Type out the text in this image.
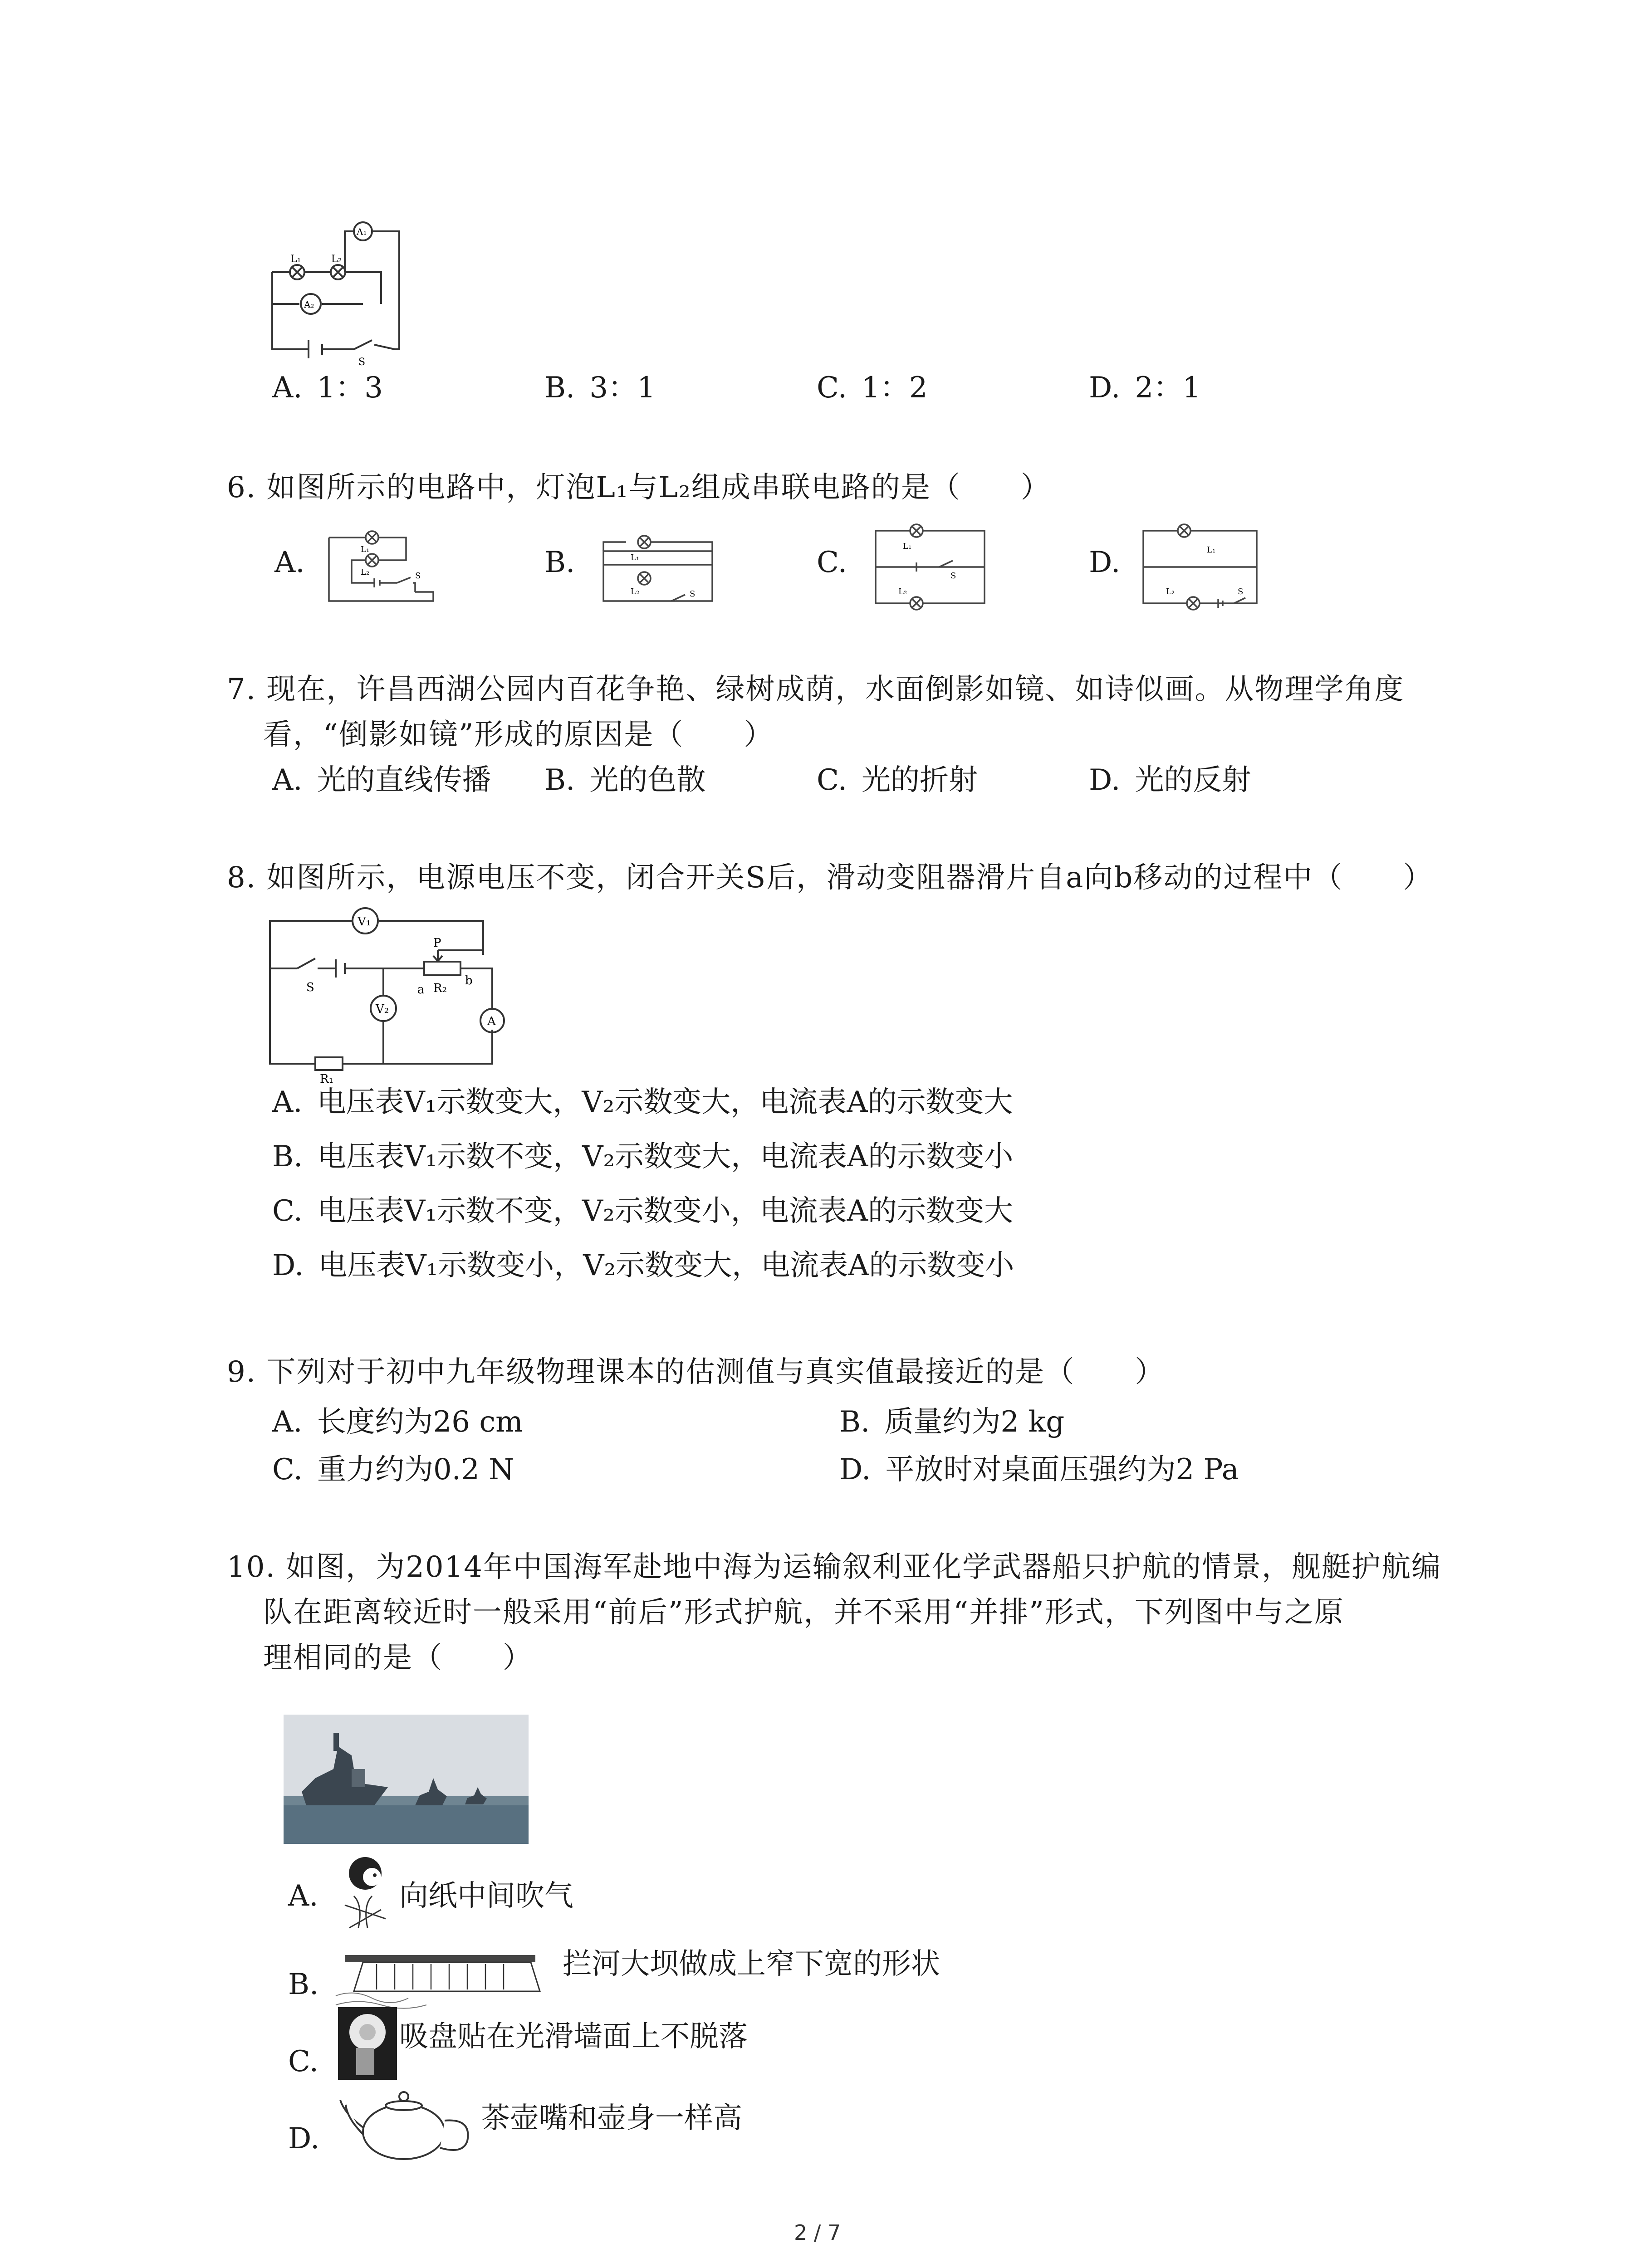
L₁	L₂
A₁
A₂
S
A.  1：3	B.  3：1	C.  1：2	D.  2：1
6. 如图所示的电路中，灯泡L₁与L₂组成串联电路的是（　　）
A.	L₁
L₂	S	B.	L₁
L₂	S
C.	L₁
L₂
S	D.	L₁
L₂	S
7. 现在，许昌西湖公园内百花争艳、绿树成荫，水面倒影如镜、如诗似画。从物理学角度
看，“倒影如镜”形成的原因是（　　）
A.  光的直线传播 B.  光的色散	C.  光的折射	D.  光的反射
8. 如图所示，电源电压不变，闭合开关S后，滑动变阻器滑片自a向b移动的过程中（　　）
V₁
V₂
A
P
R₂
R₁
S	a
b
A.  电压表V₁示数变大，V₂示数变大，电流表A的示数变大
B.  电压表V₁示数不变，V₂示数变大，电流表A的示数变小
C.  电压表V₁示数不变，V₂示数变小，电流表A的示数变大
D.  电压表V₁示数变小，V₂示数变大，电流表A的示数变小
9. 下列对于初中九年级物理课本的估测值与真实值最接近的是（　　）
A.  长度约为26 cm	B.  质量约为2 kg
C.  重力约为0.2 N	D.  平放时对桌面压强约为2 Pa
10. 如图，为2014年中国海军赴地中海为运输叙利亚化学武器船只护航的情景，舰艇护航编
队在距离较近时一般采用“前后”形式护航，并不采用“并排”形式，下列图中与之原
理相同的是（　　）
A.	向纸中间吹气
B.
拦河大坝做成上窄下宽的形状
C.
吸盘贴在光滑墙面上不脱落
D.
茶壶嘴和壶身一样高
2 / 7
